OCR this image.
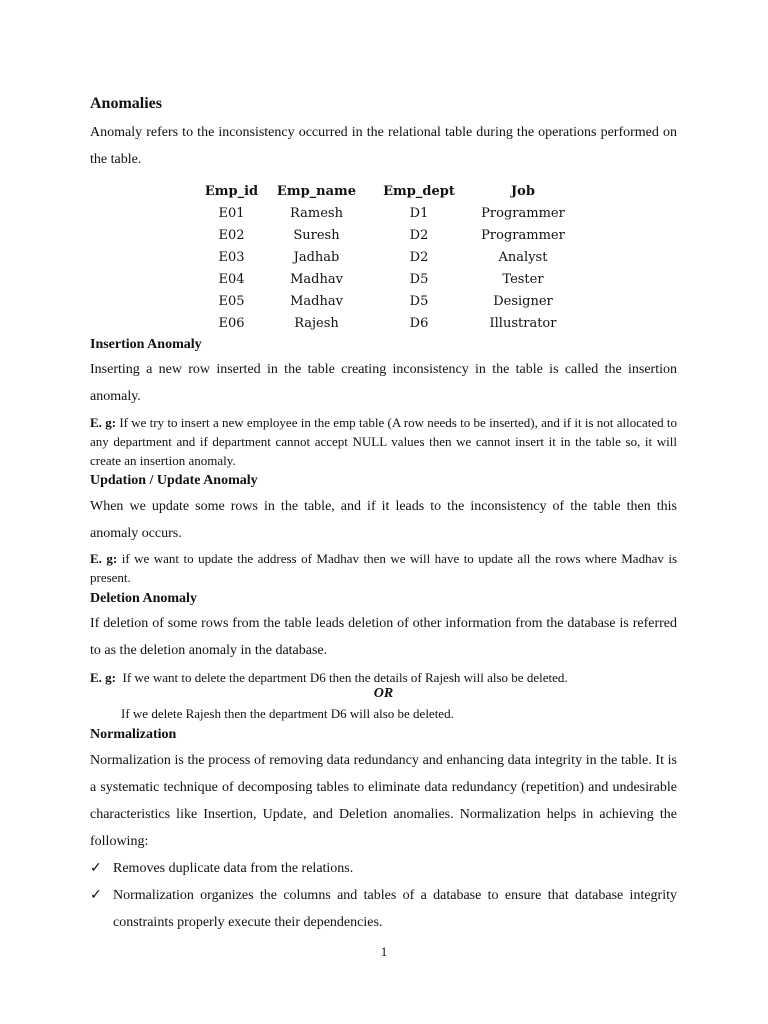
Anomalies

Anomaly refers to the inconsistency occurred in the relational table during the operations performed on the table.

Emp_id	Emp_name	Emp_dept	Job
E01	Ramesh	D1	Programmer
E02	Suresh	D2	Programmer
E03	Jadhab	D2	Analyst
E04	Madhav	D5	Tester
E05	Madhav	D5	Designer
E06	Rajesh	D6	Illustrator

Insertion Anomaly

Inserting a new row inserted in the table creating inconsistency in the table is called the insertion anomaly.

E. g: If we try to insert a new employee in the emp table (A row needs to be inserted), and if it is not allocated to any department and if department cannot accept NULL values then we cannot insert it in the table so, it will create an insertion anomaly.

Updation / Update Anomaly

When we update some rows in the table, and if it leads to the inconsistency of the table then this anomaly occurs.

E. g: if we want to update the address of Madhav then we will have to update all the rows where Madhav is present.

Deletion Anomaly

If deletion of some rows from the table leads deletion of other information from the database is referred to as the deletion anomaly in the database.

E. g: If we want to delete the department D6 then the details of Rajesh will also be deleted.

OR

If we delete Rajesh then the department D6 will also be deleted.

Normalization

Normalization is the process of removing data redundancy and enhancing data integrity in the table. It is a systematic technique of decomposing tables to eliminate data redundancy (repetition) and undesirable characteristics like Insertion, Update, and Deletion anomalies. Normalization helps in achieving the following:

✓ Removes duplicate data from the relations.
✓ Normalization organizes the columns and tables of a database to ensure that database integrity constraints properly execute their dependencies.

1
